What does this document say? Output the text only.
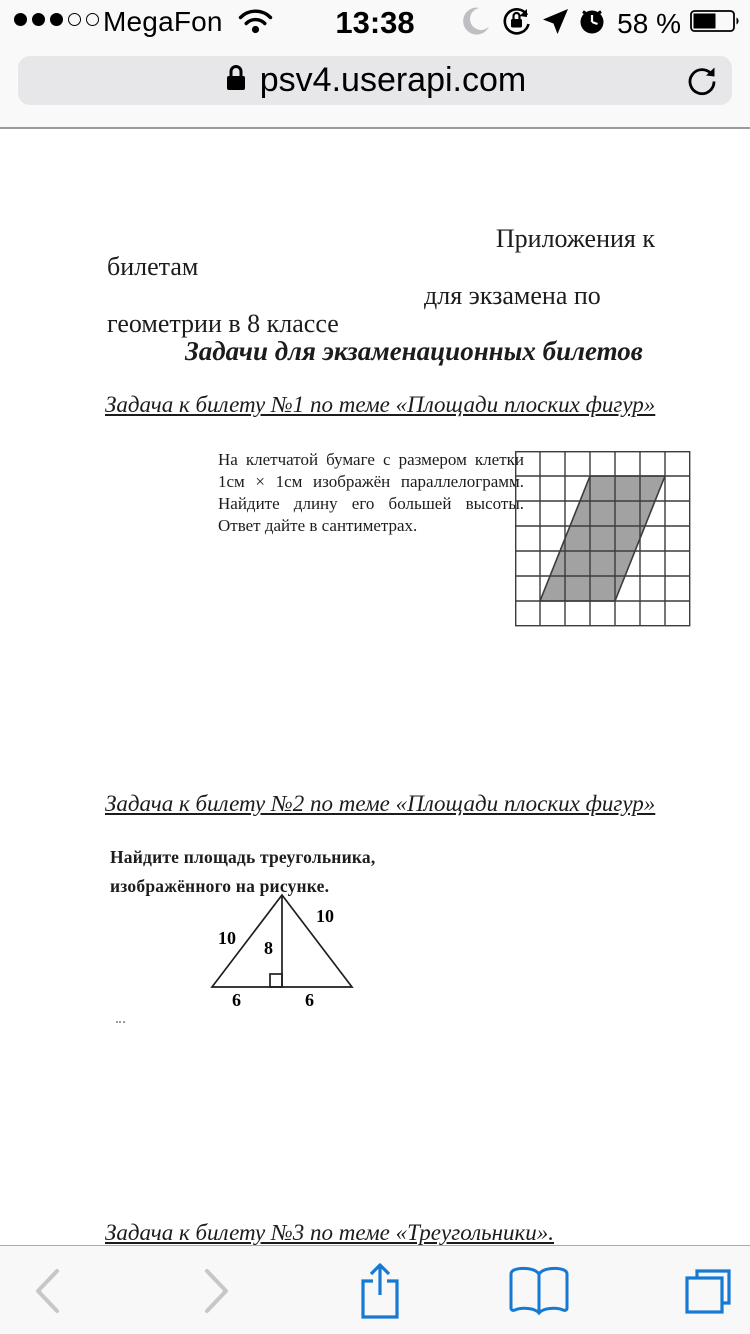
MegaFon	13:38	58 %
psv4.userapi.com
Приложения к
билетам
для экзамена по
геометрии в 8 классе
Задачи для экзаменационных билетов
Задача к билету №1 по теме «Площади плоских фигур»

На клетчатой бумаге с размером клетки 1см × 1см изображён параллелограмм. Найдите длину его большей высоты. Ответ дайте в сантиметрах.

Задача к билету №2 по теме «Площади плоских фигур»

Найдите площадь треугольника, изображённого на рисунке.

10
10
8
6	6
Задача к билету №3 по теме «Треугольники».
